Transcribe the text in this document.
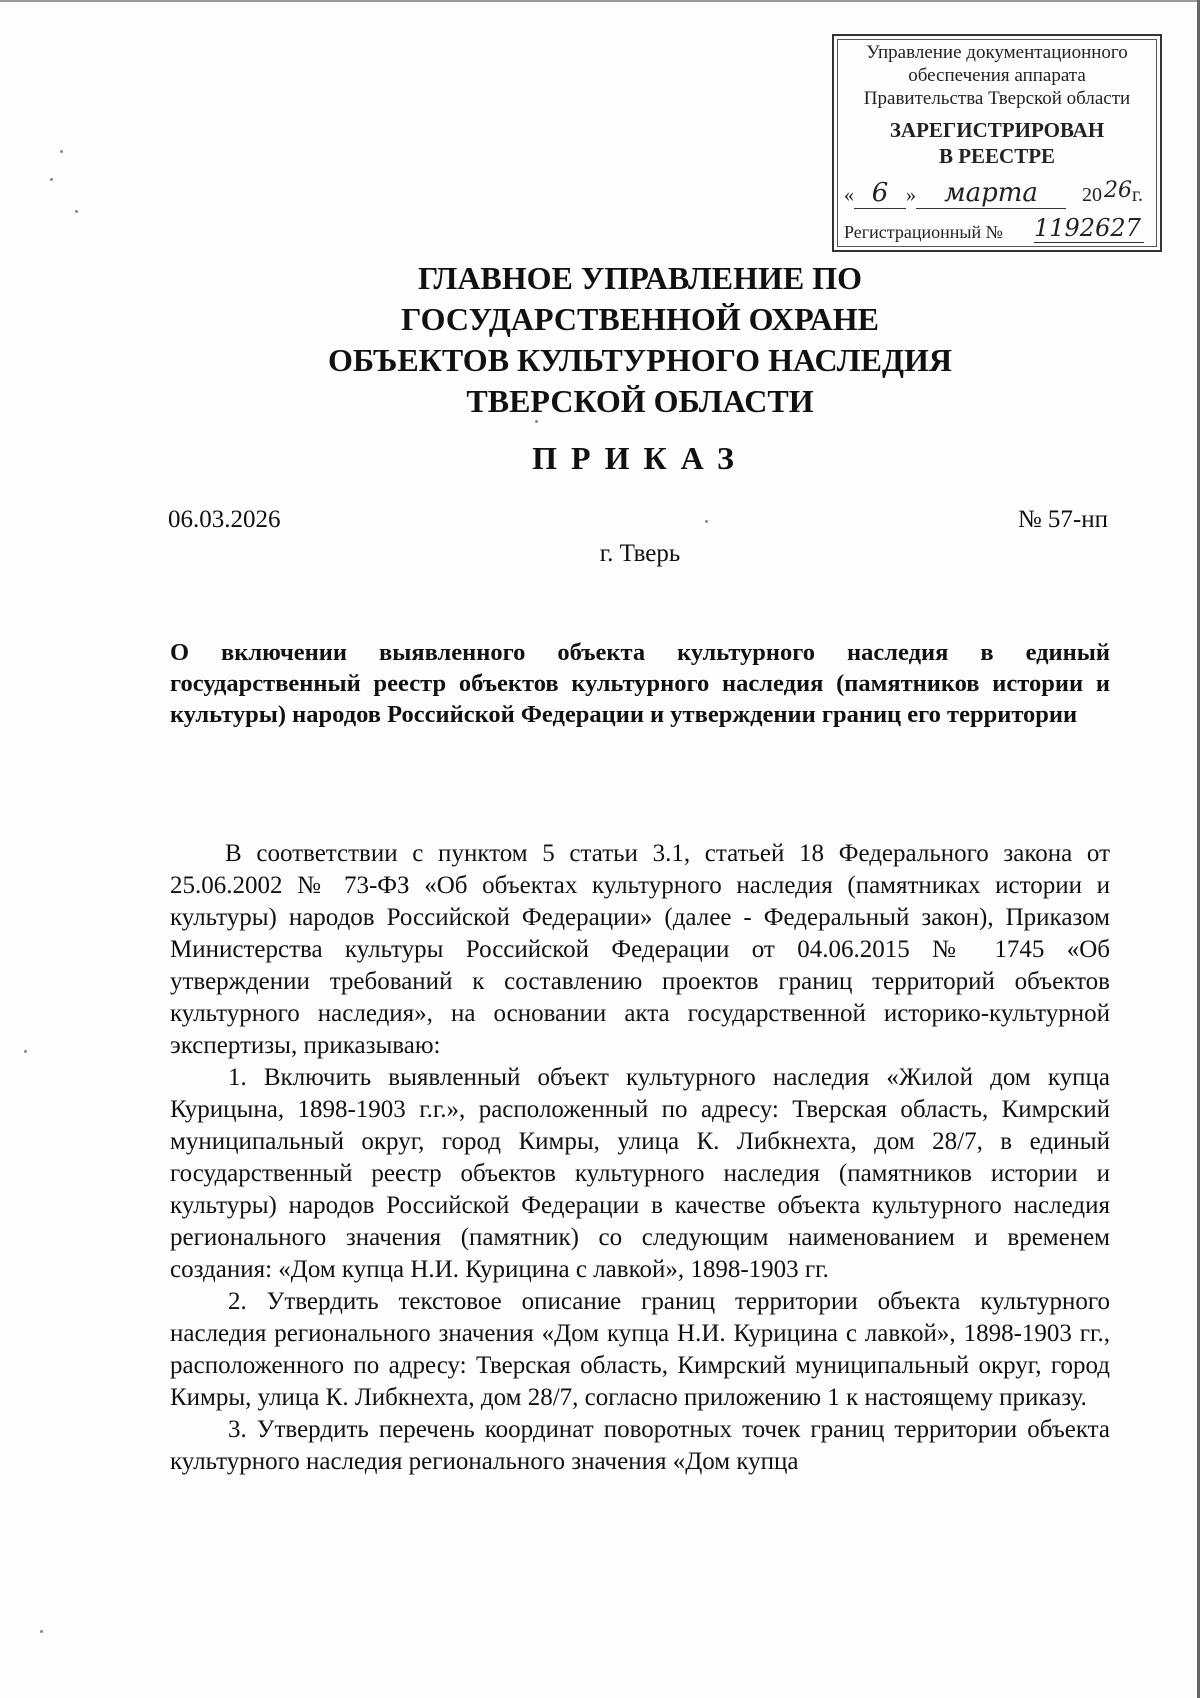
Управление документационного
обеспечения аппарата
Правительства Тверской области
ЗАРЕГИСТРИРОВАН
В РЕЕСТРЕ
« 6 »	марта	20 26 г.
Регистрационный № 1192627
ГЛАВНОЕ УПРАВЛЕНИЕ ПО
ГОСУДАРСТВЕННОЙ ОХРАНЕ
ОБЪЕКТОВ КУЛЬТУРНОГО НАСЛЕДИЯ
ТВЕРСКОЙ ОБЛАСТИ
ПРИКАЗ
06.03.2026	№ 57-нп
г. Тверь
О включении выявленного объекта культурного наследия в единый государственный реестр объектов культурного наследия (памятников истории и культуры) народов Российской Федерации и утверждении границ его территории

В соответствии с пунктом 5 статьи 3.1, статьей 18 Федерального закона от 25.06.2002 № 73-ФЗ «Об объектах культурного наследия (памятниках истории и культуры) народов Российской Федерации» (далее - Федеральный закон), Приказом Министерства культуры Российской Федерации от 04.06.2015 № 1745 «Об утверждении требований к составлению проектов границ территорий объектов культурного наследия», на основании акта государственной историко-культурной экспертизы, приказываю:

1. Включить выявленный объект культурного наследия «Жилой дом купца Курицына, 1898-1903 г.г.», расположенный по адресу: Тверская область, Кимрский муниципальный округ, город Кимры, улица К. Либкнехта, дом 28/7, в единый государственный реестр объектов культурного наследия (памятников истории и культуры) народов Российской Федерации в качестве объекта культурного наследия регионального значения (памятник) со следующим наименованием и временем создания: «Дом купца Н.И. Курицина с лавкой», 1898-1903 гг.

2. Утвердить текстовое описание границ территории объекта культурного наследия регионального значения «Дом купца Н.И. Курицина с лавкой», 1898-1903 гг., расположенного по адресу: Тверская область, Кимрский муниципальный округ, город Кимры, улица К. Либкнехта, дом 28/7, согласно приложению 1 к настоящему приказу.

3. Утвердить перечень координат поворотных точек границ территории объекта культурного наследия регионального значения «Дом купца
